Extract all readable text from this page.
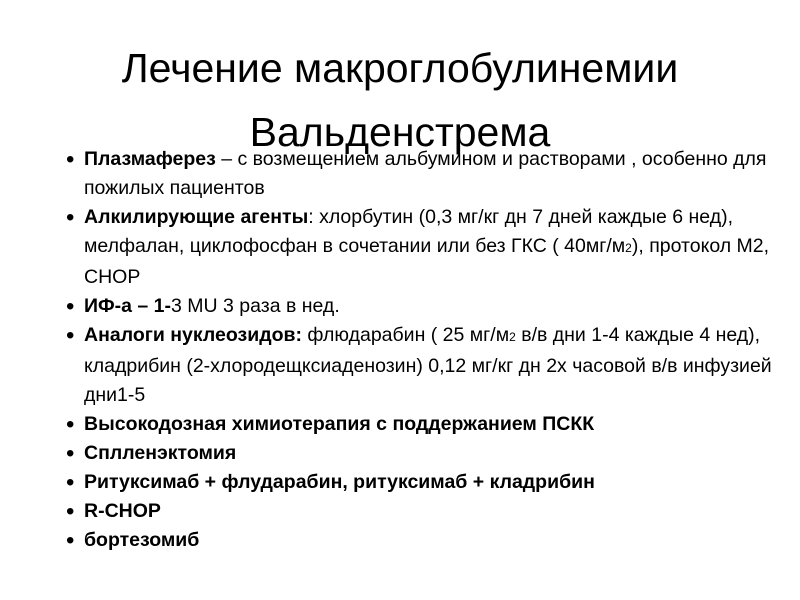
Лечение макроглобулинемии
Вальденстрема
• Плазмаферез – с возмещением альбумином и растворами , особенно для пожилых пациентов
• Алкилирующие агенты: хлорбутин (0,3 мг/кг дн 7 дней каждые 6 нед), мелфалан, циклофосфан в сочетании или без ГКС ( 40мг/м2), протокол М2, СНОР
• ИФ-а – 1-3 MU 3 раза в нед.
• Аналоги нуклеозидов: флюдарабин ( 25 мг/м2 в/в дни 1-4 каждые 4 нед), кладрибин (2-хлородещксиаденозин) 0,12 мг/кг дн 2х часовой в/в инфузией дни1-5
• Высокодозная химиотерапия с поддержанием ПСКК
• Сплленэктомия
• Ритуксимаб + флударабин, ритуксимаб + кладрибин
• R-CHOP
• бортезомиб
